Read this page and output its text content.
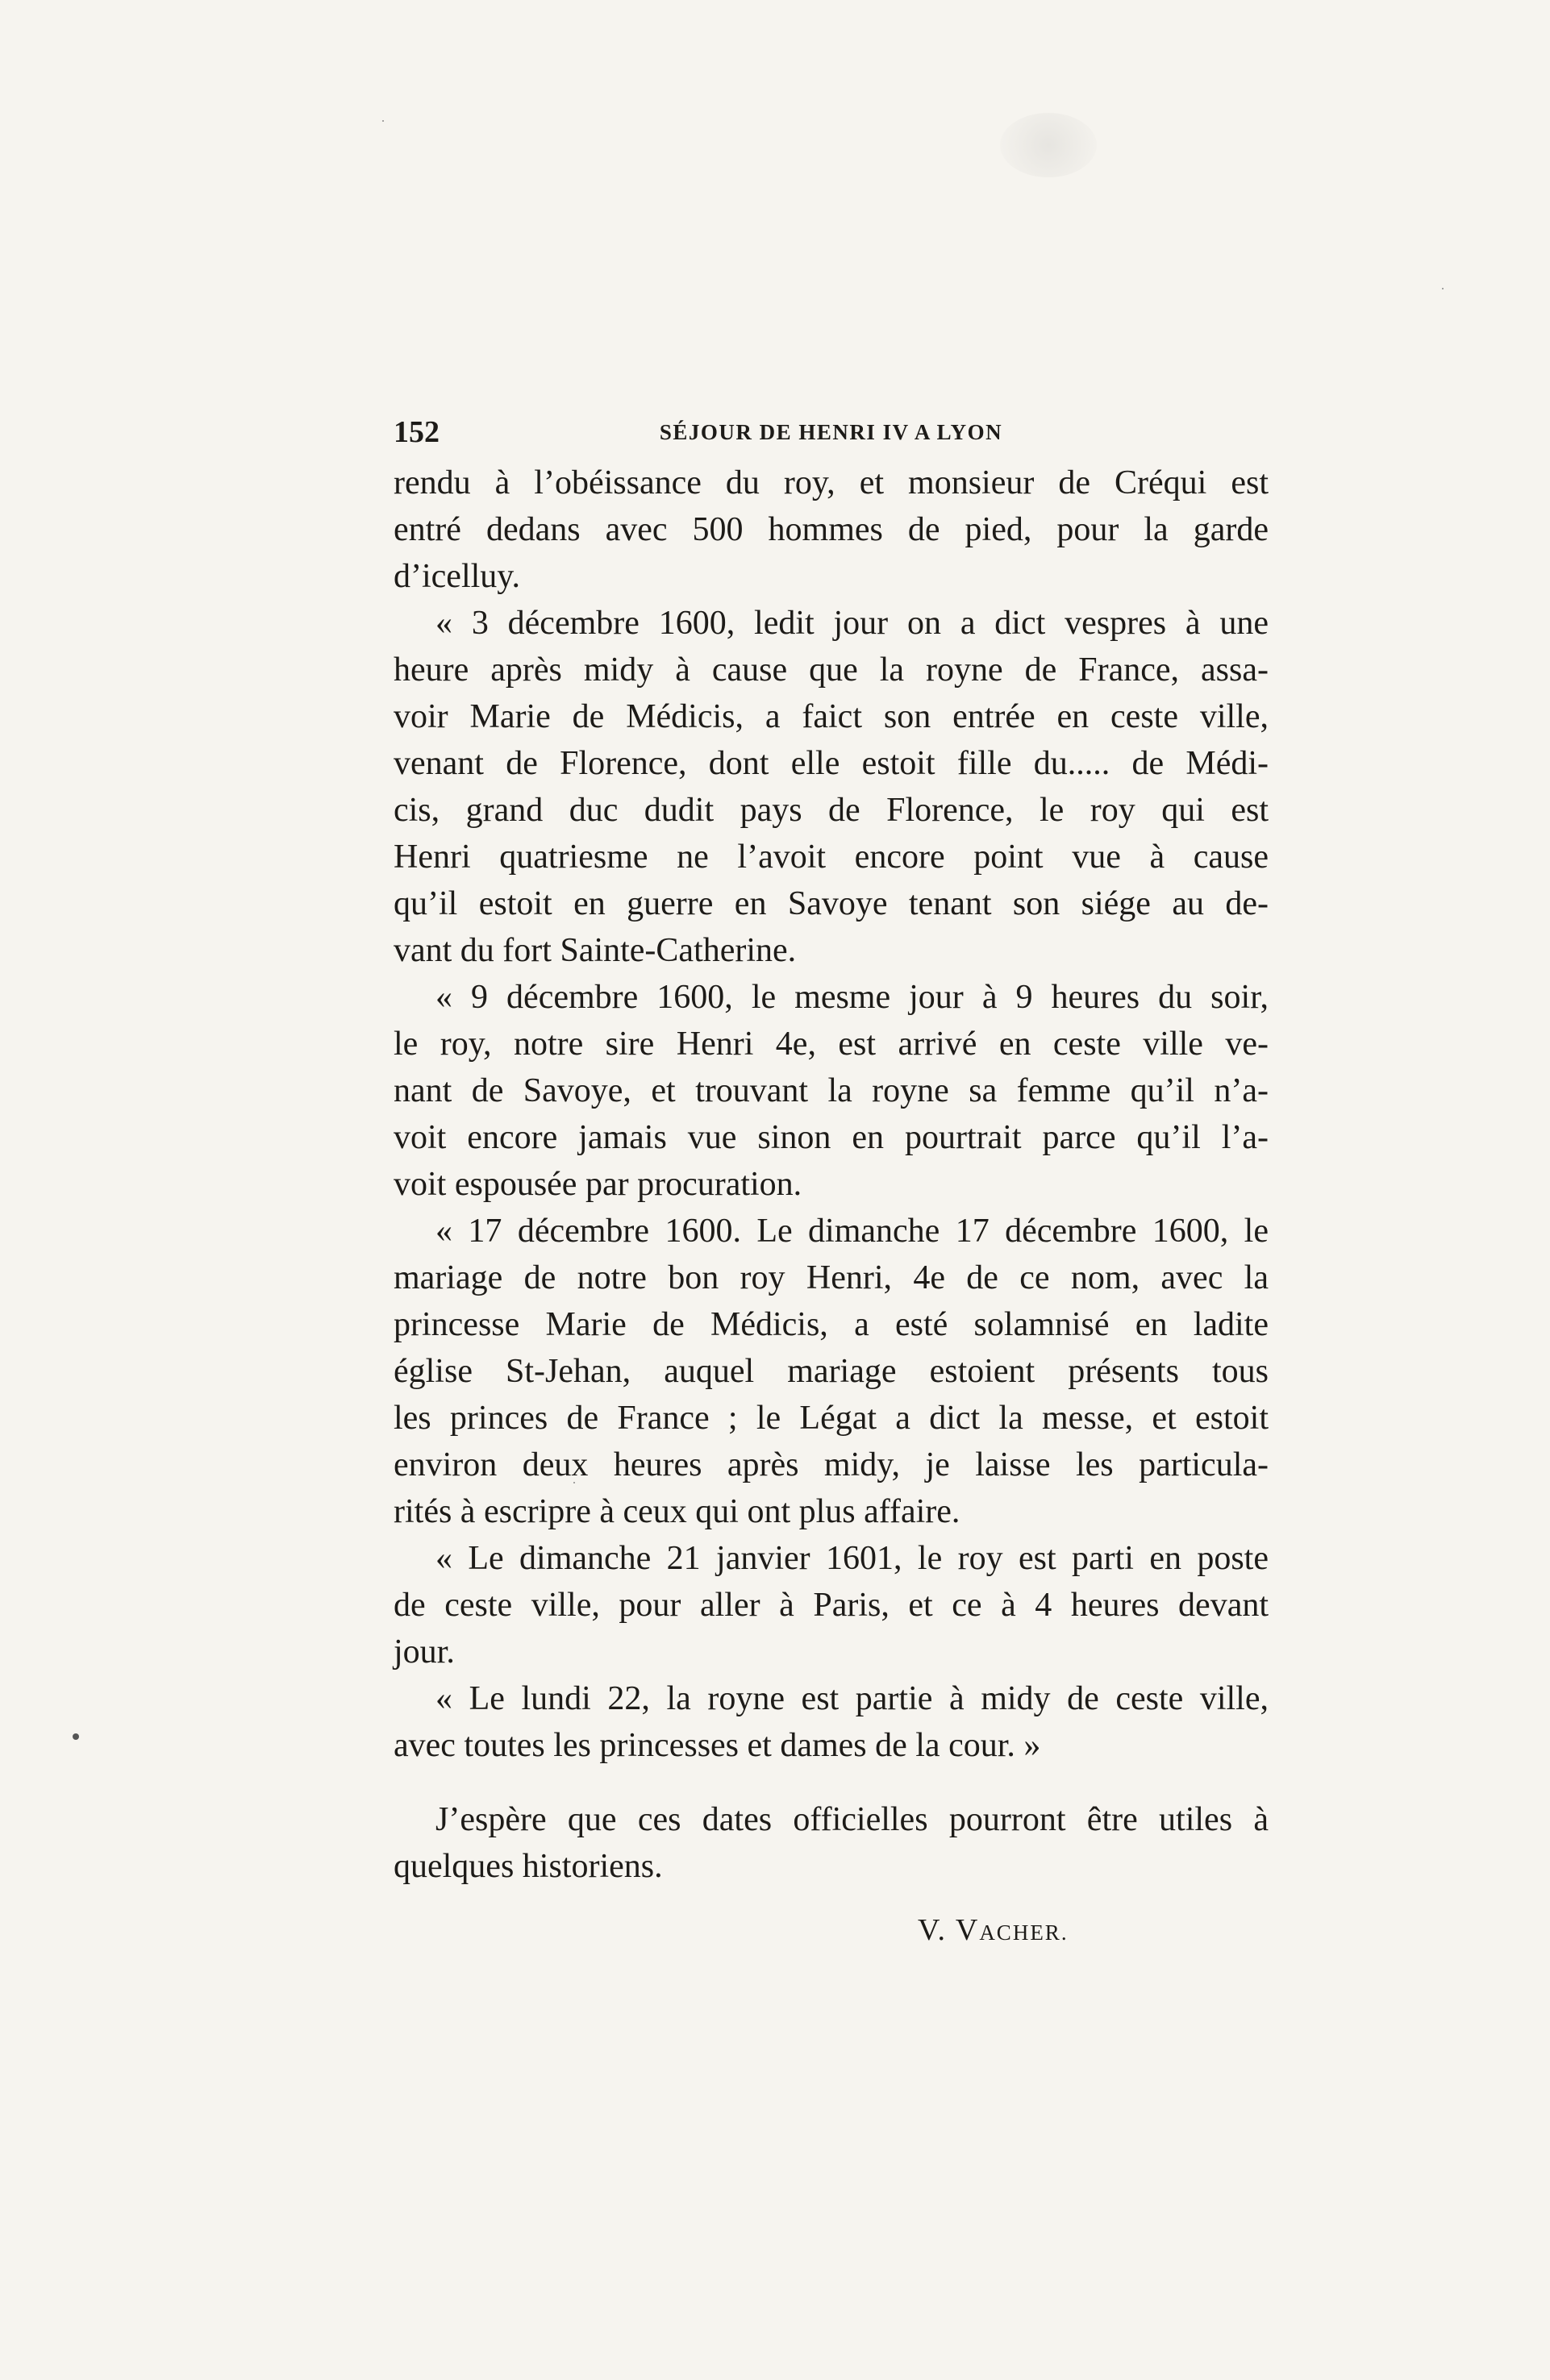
152	SÉJOUR DE HENRI IV A LYON
rendu à l’obéissance du roy, et monsieur de Créqui est
entré dedans avec 500 hommes de pied, pour la garde
d’icelluy.
« 3 décembre 1600, ledit jour on a dict vespres à une
heure après midy à cause que la royne de France, assa-
voir Marie de Médicis, a faict son entrée en ceste ville,
venant de Florence, dont elle estoit fille du..... de Médi-
cis, grand duc dudit pays de Florence, le roy qui est
Henri quatriesme ne l’avoit encore point vue à cause
qu’il estoit en guerre en Savoye tenant son siége au de-
vant du fort Sainte-Catherine.
« 9 décembre 1600, le mesme jour à 9 heures du soir,
le roy, notre sire Henri 4e, est arrivé en ceste ville ve-
nant de Savoye, et trouvant la royne sa femme qu’il n’a-
voit encore jamais vue sinon en pourtrait parce qu’il l’a-
voit espousée par procuration.
« 17 décembre 1600. Le dimanche 17 décembre 1600, le
mariage de notre bon roy Henri, 4e de ce nom, avec la
princesse Marie de Médicis, a esté solamnisé en ladite
église St-Jehan, auquel mariage estoient présents tous
les princes de France ; le Légat a dict la messe, et estoit
environ deux heures après midy, je laisse les particula-
rités à escripre à ceux qui ont plus affaire.
« Le dimanche 21 janvier 1601, le roy est parti en poste
de ceste ville, pour aller à Paris, et ce à 4 heures devant
jour.
« Le lundi 22, la royne est partie à midy de ceste ville,
avec toutes les princesses et dames de la cour. »
J’espère que ces dates officielles pourront être utiles à
quelques historiens.
V. VACHER.
